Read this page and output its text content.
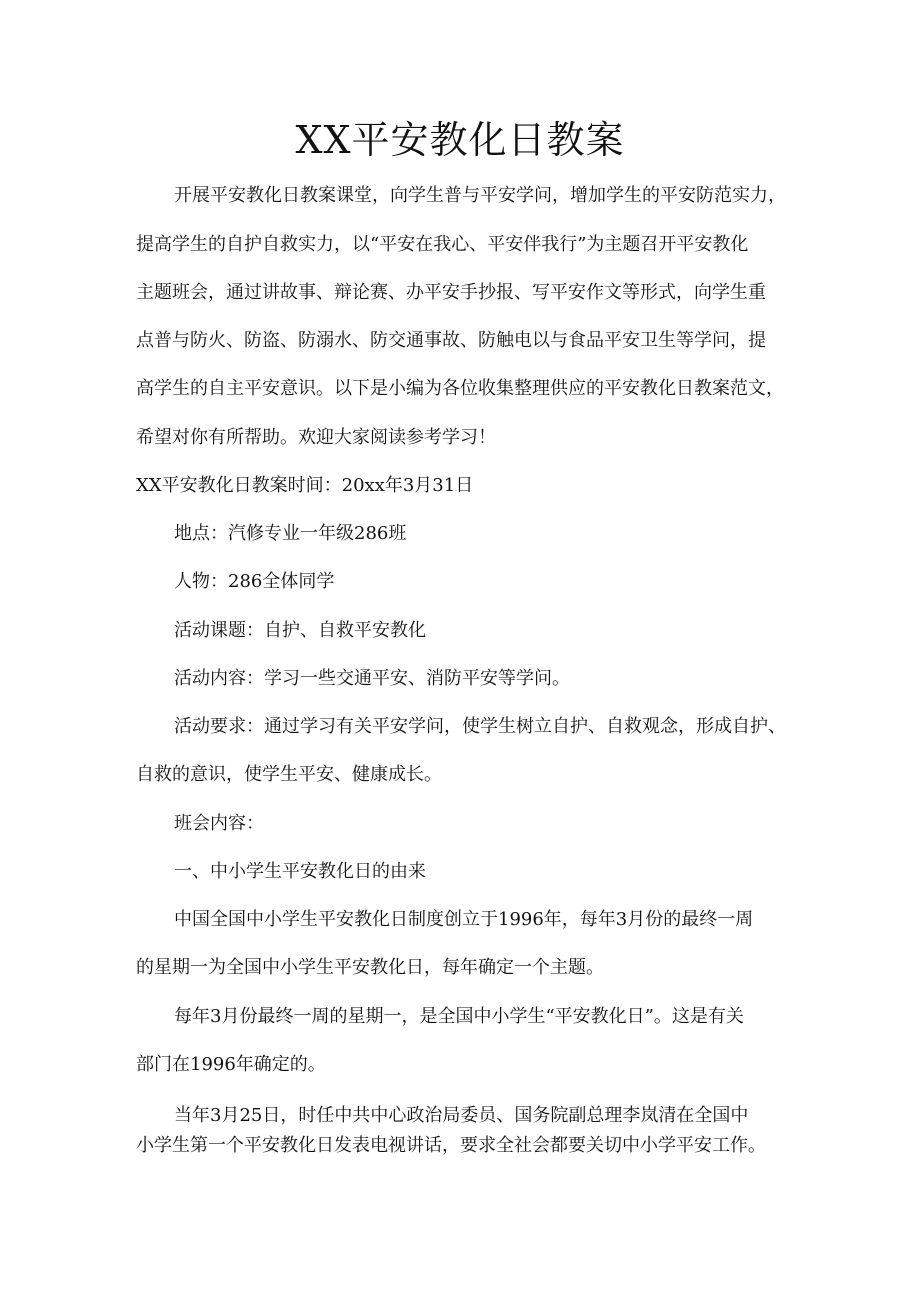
XX平安教化日教案

开展平安教化日教案课堂，向学生普与平安学问，增加学生的平安防范实力，

提高学生的自护自救实力，以“平安在我心、平安伴我行”为主题召开平安教化

主题班会，通过讲故事、辩论赛、办平安手抄报、写平安作文等形式，向学生重

点普与防火、防盗、防溺水、防交通事故、防触电以与食品平安卫生等学问，提

高学生的自主平安意识。以下是小编为各位收集整理供应的平安教化日教案范文，

希望对你有所帮助。欢迎大家阅读参考学习！

XX平安教化日教案时间：20xx年3月31日

地点：汽修专业一年级286班

人物：286全体同学

活动课题：自护、自救平安教化

活动内容：学习一些交通平安、消防平安等学问。

活动要求：通过学习有关平安学问，使学生树立自护、自救观念，形成自护、

自救的意识，使学生平安、健康成长。

班会内容：

一、中小学生平安教化日的由来

中国全国中小学生平安教化日制度创立于1996年，每年3月份的最终一周

的星期一为全国中小学生平安教化日，每年确定一个主题。

每年3月份最终一周的星期一，是全国中小学生“平安教化日”。这是有关

部门在1996年确定的。

当年3月25日，时任中共中心政治局委员、国务院副总理李岚清在全国中

小学生第一个平安教化日发表电视讲话，要求全社会都要关切中小学平安工作。
